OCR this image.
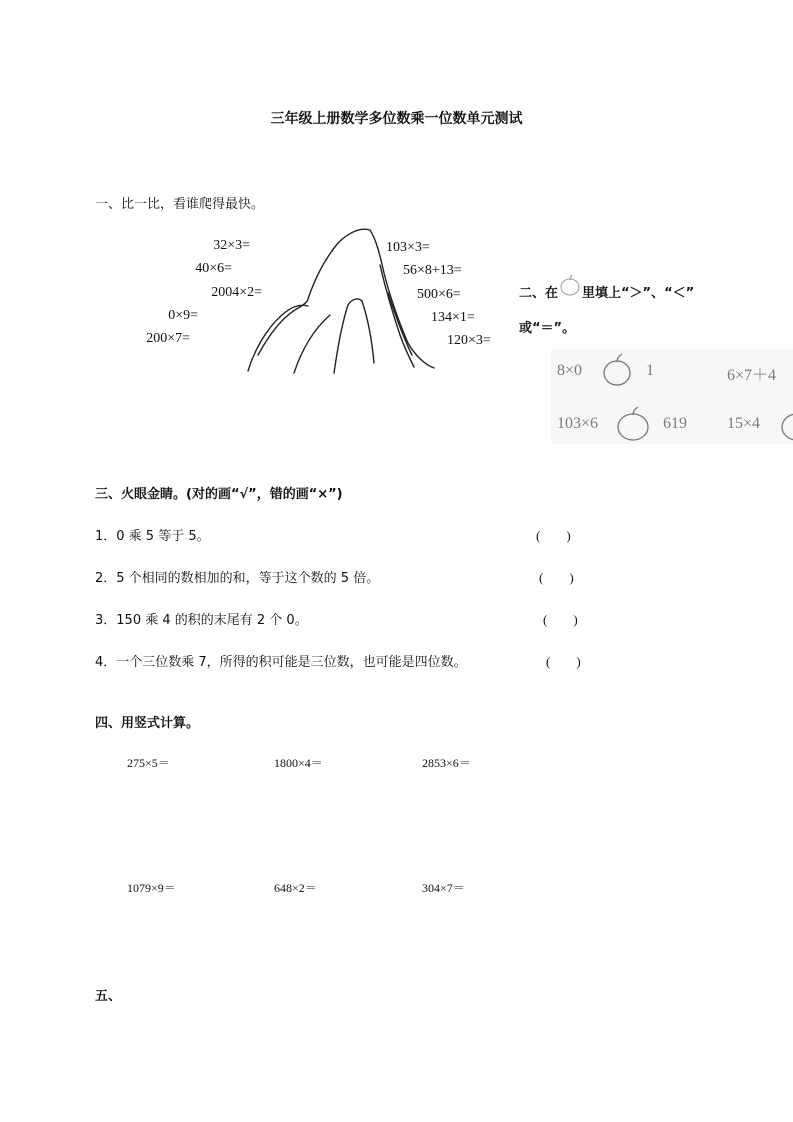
三年级上册数学多位数乘一位数单元测试
一、比一比，看谁爬得最快。
32×3=
40×6=
2004×2=
0×9=
200×7=
103×3=
56×8+13=
500×6=
134×1=
120×3=
二、在 里填上“＞”、“＜”
或“＝”。
8×0	1	6×7＋4
103×6	619	15×4
三、火眼金睛。(对的画“√”，错的画“×”)
1．0 乘 5 等于 5。	(　　)
2．5 个相同的数相加的和，等于这个数的 5 倍。	(　　)
3．150 乘 4 的积的末尾有 2 个 0。	(　　)
4．一个三位数乘 7，所得的积可能是三位数，也可能是四位数。	(　　)
四、用竖式计算。
275×5＝	1800×4＝	2853×6＝
1079×9＝	648×2＝	304×7＝
五、
